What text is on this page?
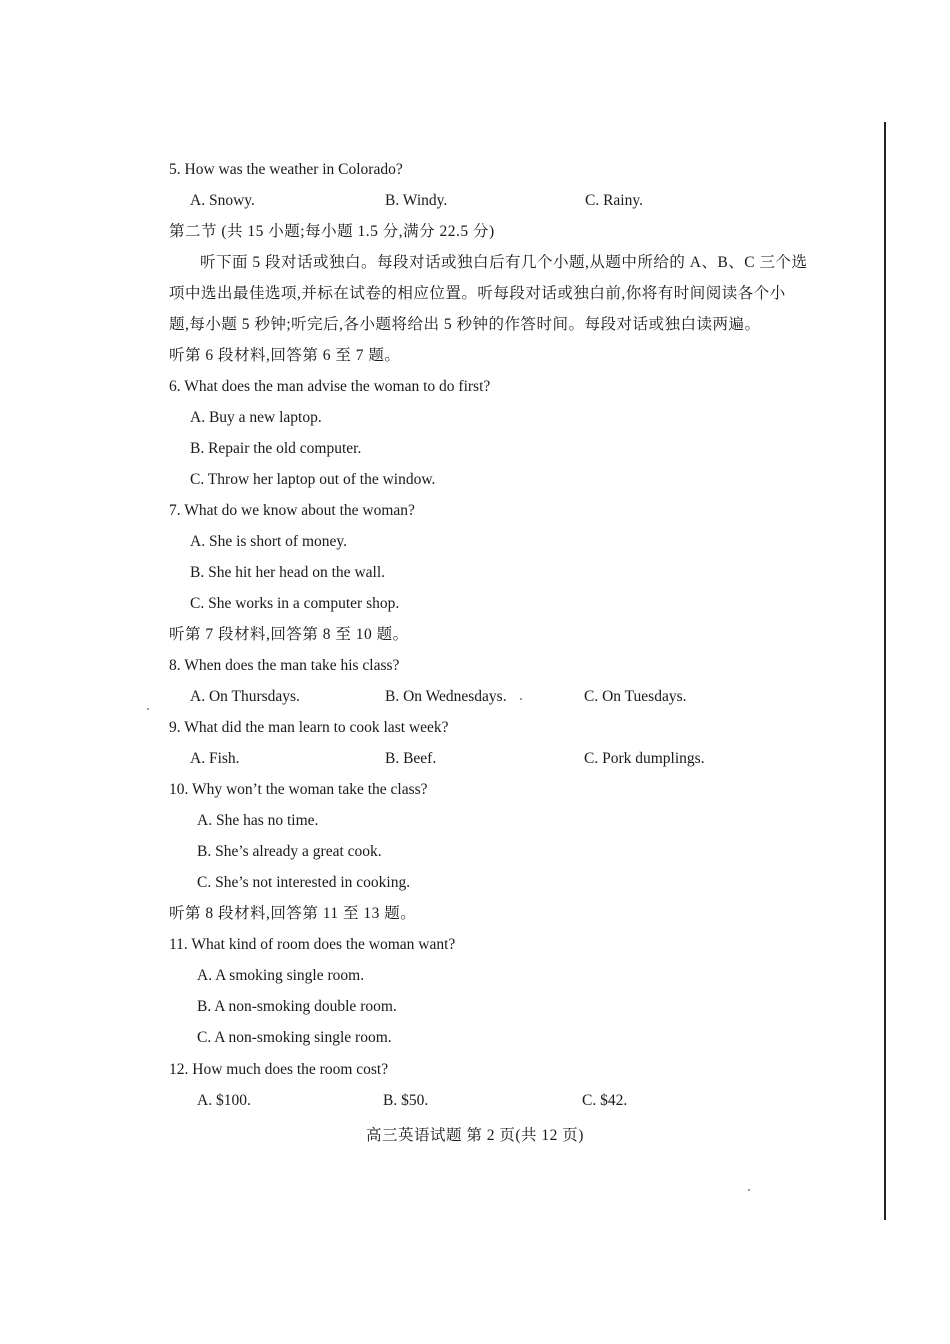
5. How was the weather in Colorado?
A. Snowy.	B. Windy.	C. Rainy.
第二节 (共 15 小题;每小题 1.5 分,满分 22.5 分)
听下面 5 段对话或独白。每段对话或独白后有几个小题,从题中所给的 A、B、C 三个选
项中选出最佳选项,并标在试卷的相应位置。听每段对话或独白前,你将有时间阅读各个小
题,每小题 5 秒钟;听完后,各小题将给出 5 秒钟的作答时间。每段对话或独白读两遍。
听第 6 段材料,回答第 6 至 7 题。
6. What does the man advise the woman to do first?
A. Buy a new laptop.
B. Repair the old computer.
C. Throw her laptop out of the window.
7. What do we know about the woman?
A. She is short of money.
B. She hit her head on the wall.
C. She works in a computer shop.
听第 7 段材料,回答第 8 至 10 题。
8. When does the man take his class?
A. On Thursdays.	B. On Wednesdays.	C. On Tuesdays.
9. What did the man learn to cook last week?
A. Fish.	B. Beef.	C. Pork dumplings.
10. Why won’t the woman take the class?
A. She has no time.
B. She’s already a great cook.
C. She’s not interested in cooking.
听第 8 段材料,回答第 11 至 13 题。
11. What kind of room does the woman want?
A. A smoking single room.
B. A non-smoking double room.
C. A non-smoking single room.
12. How much does the room cost?
A. $100.	B. $50.	C. $42.
高三英语试题 第 2 页(共 12 页)
